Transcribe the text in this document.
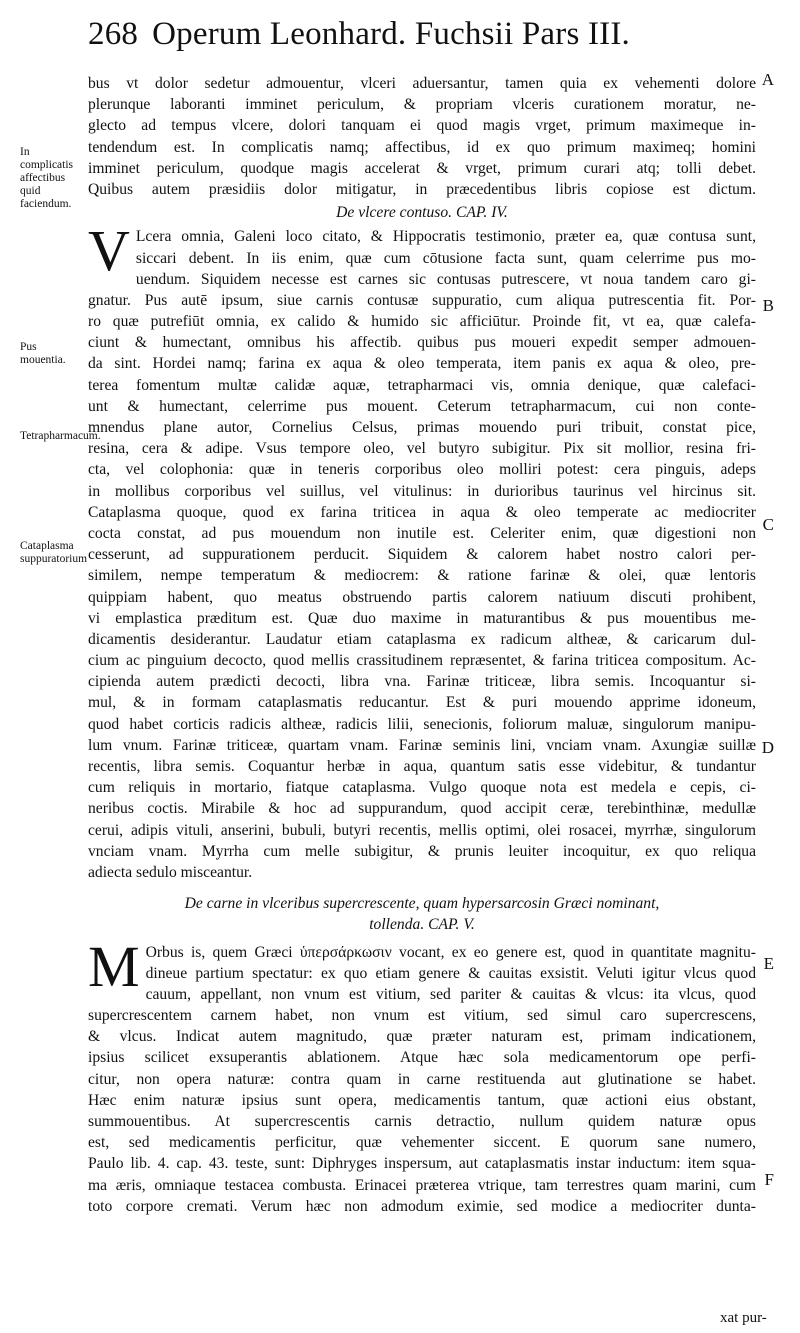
268 Operum Leonhard. Fuchsii Pars III.
In complicatis affectibus quid faciendum.
Pus mouentia.
Tetrapharmacum.
Cataplasma suppuratorium
A
B
C
D
E
F
bus vt dolor sedetur admouentur, vlceri aduersantur, tamen quia ex vehementi dolore
plerunque laboranti imminet periculum, & propriam vlceris curationem moratur, ne-
glecto ad tempus vlcere, dolori tanquam ei quod magis vrget, primum maximeque in-
tendendum est. In complicatis namq; affectibus, id ex quo primum maximeq; homini
imminet periculum, quodque magis accelerat & vrget, primum curari atq; tolli debet.
Quibus autem præsidiis dolor mitigatur, in præcedentibus libris copiose est dictum.
De vlcere contuso. CAP. IV.
V Lcera omnia, Galeni loco citato, & Hippocratis testimonio, præter ea, quæ contusa sunt,
siccari debent. In iis enim, quæ cum cōtusione facta sunt, quam celerrime pus mo-
uendum. Siquidem necesse est carnes sic contusas putrescere, vt noua tandem caro gi-
gnatur. Pus autē ipsum, siue carnis contusæ suppuratio, cum aliqua putrescentia fit. Por-
ro quæ putrefiūt omnia, ex calido & humido sic afficiūtur. Proinde fit, vt ea, quæ calefa-
ciunt & humectant, omnibus his affectib. quibus pus moueri expedit semper admouen-
da sint. Hordei namq; farina ex aqua & oleo temperata, item panis ex aqua & oleo, pre-
terea fomentum multæ calidæ aquæ, tetrapharmaci vis, omnia denique, quæ calefaci-
unt & humectant, celerrime pus mouent. Ceterum tetrapharmacum, cui non conte-
mnendus plane autor, Cornelius Celsus, primas mouendo puri tribuit, constat pice,
resina, cera & adipe. Vsus tempore oleo, vel butyro subigitur. Pix sit mollior, resina fri-
cta, vel colophonia: quæ in teneris corporibus oleo molliri potest: cera pinguis, adeps
in mollibus corporibus vel suillus, vel vitulinus: in durioribus taurinus vel hircinus sit.
Cataplasma quoque, quod ex farina triticea in aqua & oleo temperate ac mediocriter
cocta constat, ad pus mouendum non inutile est. Celeriter enim, quæ digestioni non
cesserunt, ad suppurationem perducit. Siquidem & calorem habet nostro calori per-
similem, nempe temperatum & mediocrem: & ratione farinæ & olei, quæ lentoris
quippiam habent, quo meatus obstruendo partis calorem natiuum discuti prohibent,
vi emplastica præditum est. Quæ duo maxime in maturantibus & pus mouentibus me-
dicamentis desiderantur. Laudatur etiam cataplasma ex radicum altheæ, & caricarum dul-
cium ac pinguium decocto, quod mellis crassitudinem repræsentet, & farina triticea compositum. Ac-
cipienda autem prædicti decocti, libra vna. Farinæ triticeæ, libra semis. Incoquantur si-
mul, & in formam cataplasmatis reducantur. Est & puri mouendo apprime idoneum,
quod habet corticis radicis altheæ, radicis lilii, senecionis, foliorum maluæ, singulorum manipu-
lum vnum. Farinæ triticeæ, quartam vnam. Farinæ seminis lini, vnciam vnam. Axungiæ suillæ
recentis, libra semis. Coquantur herbæ in aqua, quantum satis esse videbitur, & tundantur
cum reliquis in mortario, fiatque cataplasma. Vulgo quoque nota est medela e cepis, ci-
neribus coctis. Mirabile & hoc ad suppurandum, quod accipit ceræ, terebinthinæ, medullæ
cerui, adipis vituli, anserini, bubuli, butyri recentis, mellis optimi, olei rosacei, myrrhæ, singulorum
vnciam vnam. Myrrha cum melle subigitur, & prunis leuiter incoquitur, ex quo reliqua
adiecta sedulo misceantur.
De carne in vlceribus supercrescente, quam hypersarcosin Græci nominant,
tollenda. CAP. V.
M Orbus is, quem Græci ὑπερσάρκωσιν vocant, ex eo genere est, quod in quantitate magnitu-
dineue partium spectatur: ex quo etiam genere & cauitas exsistit. Veluti igitur vlcus quod
cauum, appellant, non vnum est vitium, sed pariter & cauitas & vlcus: ita vlcus, quod
supercrescentem carnem habet, non vnum est vitium, sed simul caro supercrescens,
& vlcus. Indicat autem magnitudo, quæ præter naturam est, primam indicationem,
ipsius scilicet exsuperantis ablationem. Atque hæc sola medicamentorum ope perfi-
citur, non opera naturæ: contra quam in carne restituenda aut glutinatione se habet.
Hæc enim naturæ ipsius sunt opera, medicamentis tantum, quæ actioni eius obstant,
summouentibus. At supercrescentis carnis detractio, nullum quidem naturæ opus
est, sed medicamentis perficitur, quæ vehementer siccent. E quorum sane numero,
Paulo lib. 4. cap. 43. teste, sunt: Diphryges inspersum, aut cataplasmatis instar inductum: item squa-
ma æris, omniaque testacea combusta. Erinacei præterea vtrique, tam terrestres quam marini, cum
toto corpore cremati. Verum hæc non admodum eximie, sed modice a mediocriter dunta-
xat pur-
